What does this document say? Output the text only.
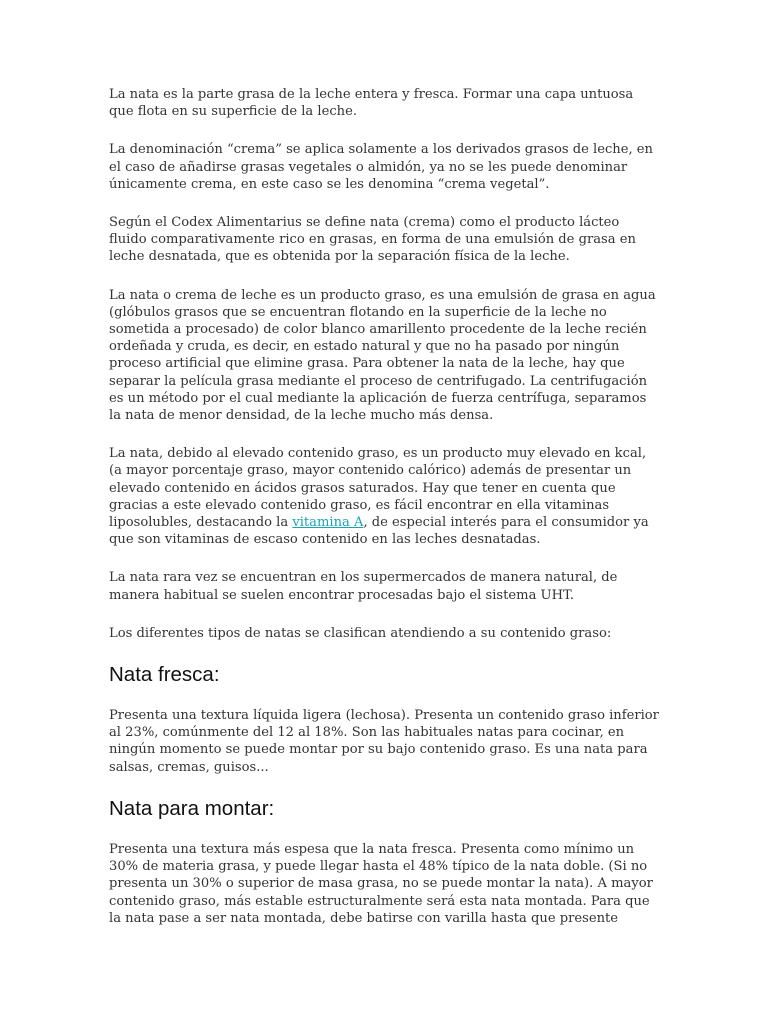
La nata es la parte grasa de la leche entera y fresca. Formar una capa untuosa que flota en su superficie de la leche.

La denominación “crema” se aplica solamente a los derivados grasos de leche, en el caso de añadirse grasas vegetales o almidón, ya no se les puede denominar únicamente crema, en este caso se les denomina “crema vegetal”.

Según el Codex Alimentarius se define nata (crema) como el producto lácteo fluido comparativamente rico en grasas, en forma de una emulsión de grasa en leche desnatada, que es obtenida por la separación física de la leche.

La nata o crema de leche es un producto graso, es una emulsión de grasa en agua (glóbulos grasos que se encuentran flotando en la superficie de la leche no sometida a procesado) de color blanco amarillento procedente de la leche recién ordeñada y cruda, es decir, en estado natural y que no ha pasado por ningún proceso artificial que elimine grasa. Para obtener la nata de la leche, hay que separar la película grasa mediante el proceso de centrifugado. La centrifugación es un método por el cual mediante la aplicación de fuerza centrífuga, separamos la nata de menor densidad, de la leche mucho más densa.

La nata, debido al elevado contenido graso, es un producto muy elevado en kcal, (a mayor porcentaje graso, mayor contenido calórico) además de presentar un elevado contenido en ácidos grasos saturados. Hay que tener en cuenta que gracias a este elevado contenido graso, es fácil encontrar en ella vitaminas liposolubles, destacando la vitamina A, de especial interés para el consumidor ya que son vitaminas de escaso contenido en las leches desnatadas.

La nata rara vez se encuentran en los supermercados de manera natural, de manera habitual se suelen encontrar procesadas bajo el sistema UHT.

Los diferentes tipos de natas se clasifican atendiendo a su contenido graso:

Nata fresca:

Presenta una textura líquida ligera (lechosa). Presenta un contenido graso inferior al 23%, comúnmente del 12 al 18%. Son las habituales natas para cocinar, en ningún momento se puede montar por su bajo contenido graso. Es una nata para salsas, cremas, guisos...

Nata para montar:

Presenta una textura más espesa que la nata fresca. Presenta como mínimo un 30% de materia grasa, y puede llegar hasta el 48% típico de la nata doble. (Si no presenta un 30% o superior de masa grasa, no se puede montar la nata). A mayor contenido graso, más estable estructuralmente será esta nata montada. Para que la nata pase a ser nata montada, debe batirse con varilla hasta que presente
